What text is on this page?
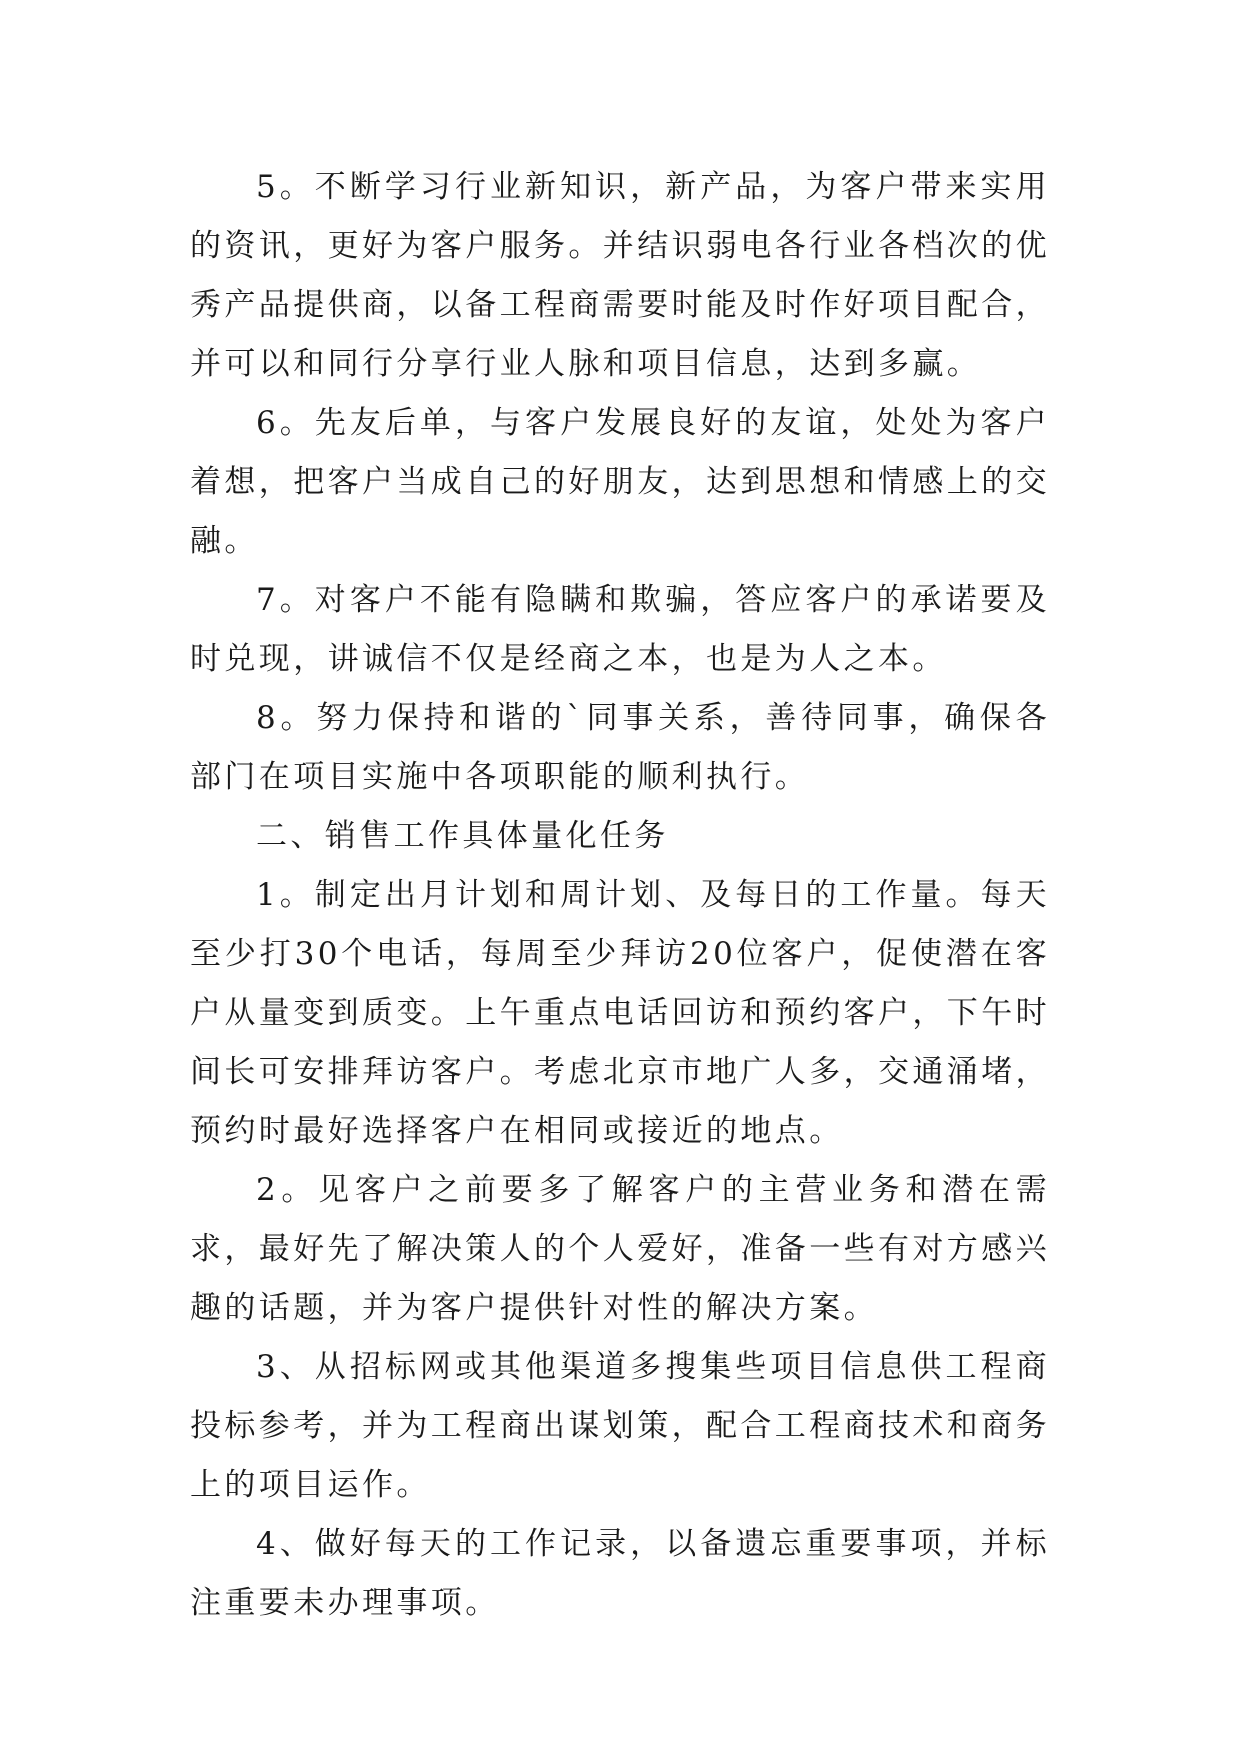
5。不断学习行业新知识，新产品，为客户带来实用的资讯，更好为客户服务。并结识弱电各行业各档次的优秀产品提供商，以备工程商需要时能及时作好项目配合，并可以和同行分享行业人脉和项目信息，达到多赢。

6。先友后单，与客户发展良好的友谊，处处为客户着想，把客户当成自己的好朋友，达到思想和情感上的交融。

7。对客户不能有隐瞒和欺骗，答应客户的承诺要及时兑现，讲诚信不仅是经商之本，也是为人之本。

8。努力保持和谐的`同事关系，善待同事，确保各部门在项目实施中各项职能的顺利执行。

二、销售工作具体量化任务

1。制定出月计划和周计划、及每日的工作量。每天至少打30个电话，每周至少拜访20位客户，促使潜在客户从量变到质变。上午重点电话回访和预约客户，下午时间长可安排拜访客户。考虑北京市地广人多，交通涌堵，预约时最好选择客户在相同或接近的地点。

2。见客户之前要多了解客户的主营业务和潜在需求，最好先了解决策人的个人爱好，准备一些有对方感兴趣的话题，并为客户提供针对性的解决方案。

3、从招标网或其他渠道多搜集些项目信息供工程商投标参考，并为工程商出谋划策，配合工程商技术和商务上的项目运作。

4、做好每天的工作记录，以备遗忘重要事项，并标注重要未办理事项。
